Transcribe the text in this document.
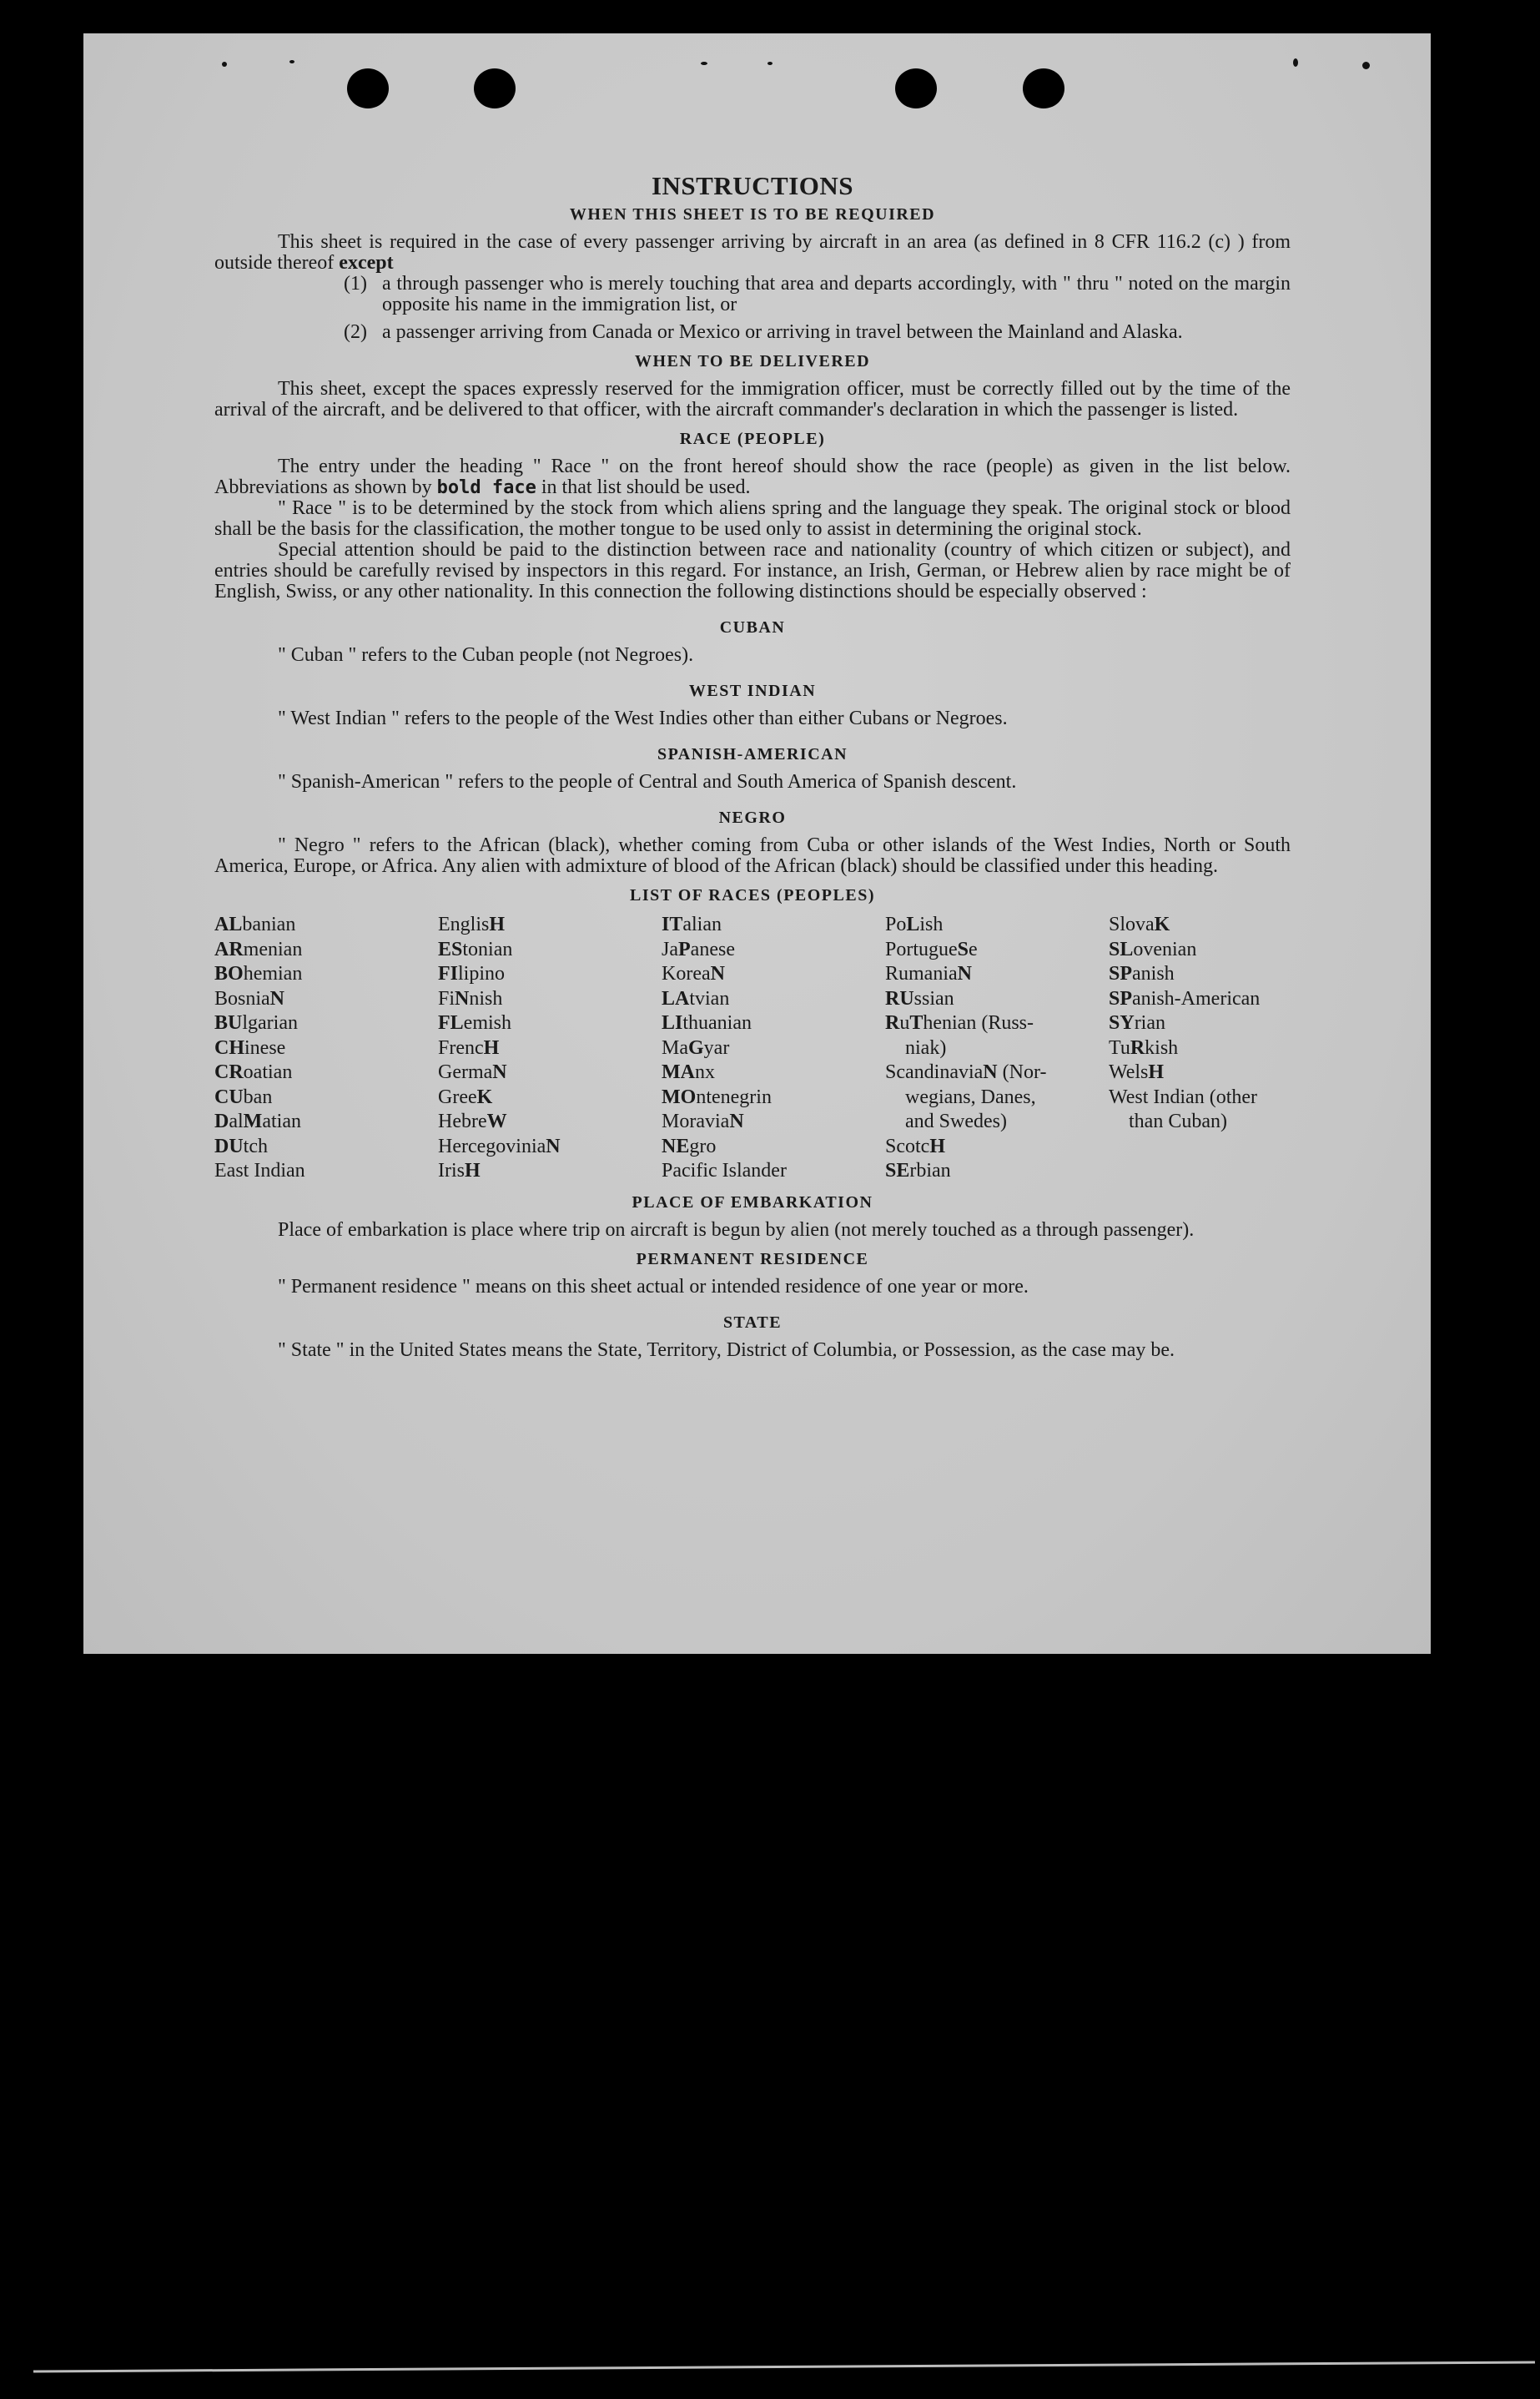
INSTRUCTIONS
WHEN THIS SHEET IS TO BE REQUIRED

This sheet is required in the case of every passenger arriving by aircraft in an area (as defined in 8 CFR 116.2 (c) ) from outside thereof except

(1) a through passenger who is merely touching that area and departs accordingly, with " thru " noted on the margin opposite his name in the immigration list, or
(2) a passenger arriving from Canada or Mexico or arriving in travel between the Mainland and Alaska.
WHEN TO BE DELIVERED

This sheet, except the spaces expressly reserved for the immigration officer, must be correctly filled out by the time of the arrival of the aircraft, and be delivered to that officer, with the aircraft commander's declaration in which the passenger is listed.

RACE (PEOPLE)

The entry under the heading " Race " on the front hereof should show the race (people) as given in the list below. Abbreviations as shown by bold face in that list should be used.

" Race " is to be determined by the stock from which aliens spring and the language they speak. The original stock or blood shall be the basis for the classification, the mother tongue to be used only to assist in determining the original stock.

Special attention should be paid to the distinction between race and nationality (country of which citizen or subject), and entries should be carefully revised by inspectors in this regard. For instance, an Irish, German, or Hebrew alien by race might be of English, Swiss, or any other nationality. In this connection the following distinctions should be especially observed :

CUBAN

" Cuban " refers to the Cuban people (not Negroes).

WEST INDIAN

" West Indian " refers to the people of the West Indies other than either Cubans or Negroes.

SPANISH-AMERICAN

" Spanish-American " refers to the people of Central and South America of Spanish descent.

NEGRO

" Negro " refers to the African (black), whether coming from Cuba or other islands of the West Indies, North or South America, Europe, or Africa. Any alien with admixture of blood of the African (black) should be classified under this heading.

LIST OF RACES (PEOPLES)
ALbanian
ARmenian
BOhemian
BosniaN
BUlgarian
CHinese
CRoatian
CUban
DalMatian
DUtch
East Indian
EnglisH
EStonian
FIlipino
FiNnish
FLemish
FrencH
GermaN
GreeK
HebreW
HercegoviniaN
IrisH
ITalian
JaPanese
KoreaN
LAtvian
LIthuanian
MaGyar
MAnx
MOntenegrin
MoraviaN
NEgro
Pacific Islander
PoLish
PortugueSe
RumaniaN
RUssian
RuThenian (Russ-
niak)
ScandinaviaN (Nor-
wegians, Danes,
and Swedes)
ScotcH
SErbian
SlovaK
SLovenian
SPanish
SPanish-American
SYrian
TuRkish
WelsH
West Indian (other
than Cuban)
PLACE OF EMBARKATION

Place of embarkation is place where trip on aircraft is begun by alien (not merely touched as a through passenger).

PERMANENT RESIDENCE

" Permanent residence " means on this sheet actual or intended residence of one year or more.

STATE

" State " in the United States means the State, Territory, District of Columbia, or Possession, as the case may be.
